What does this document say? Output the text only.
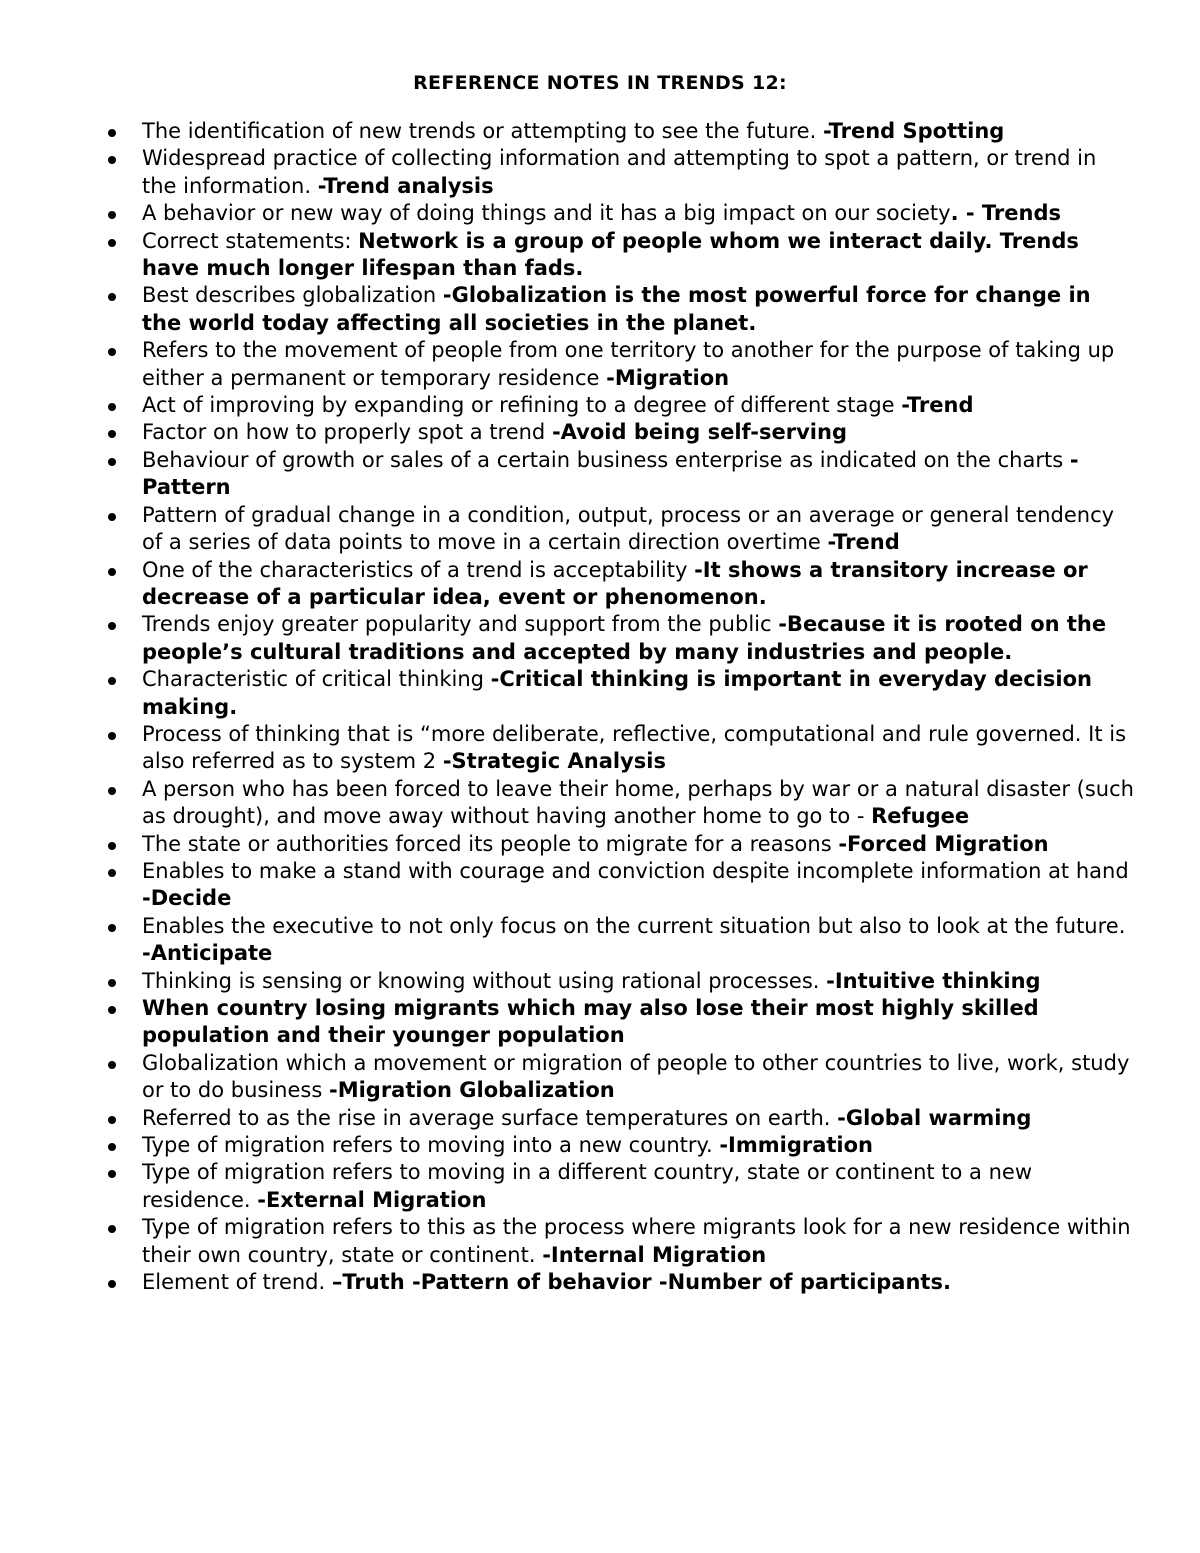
REFERENCE NOTES IN TRENDS 12:
The identification of new trends or attempting to see the future. -Trend Spotting
Widespread practice of collecting information and attempting to spot a pattern, or trend in the information. -Trend analysis
A behavior or new way of doing things and it has a big impact on our society. - Trends
Correct statements: Network is a group of people whom we interact daily. Trends have much longer lifespan than fads.
Best describes globalization -Globalization is the most powerful force for change in the world today affecting all societies in the planet.
Refers to the movement of people from one territory to another for the purpose of taking up either a permanent or temporary residence -Migration
Act of improving by expanding or refining to a degree of different stage -Trend
Factor on how to properly spot a trend -Avoid being self-serving
Behaviour of growth or sales of a certain business enterprise as indicated on the charts -Pattern
Pattern of gradual change in a condition, output, process or an average or general tendency of a series of data points to move in a certain direction overtime -Trend
One of the characteristics of a trend is acceptability -It shows a transitory increase or decrease of a particular idea, event or phenomenon.
Trends enjoy greater popularity and support from the public -Because it is rooted on the people’s cultural traditions and accepted by many industries and people.
Characteristic of critical thinking -Critical thinking is important in everyday decision making.
Process of thinking that is “more deliberate, reflective, computational and rule governed. It is also referred as to system 2 -Strategic Analysis
A person who has been forced to leave their home, perhaps by war or a natural disaster (such as drought), and move away without having another home to go to - Refugee
The state or authorities forced its people to migrate for a reasons -Forced Migration
Enables to make a stand with courage and conviction despite incomplete information at hand -Decide
Enables the executive to not only focus on the current situation but also to look at the future. -Anticipate
Thinking is sensing or knowing without using rational processes. -Intuitive thinking
When country losing migrants which may also lose their most highly skilled population and their younger population
Globalization which a movement or migration of people to other countries to live, work, study or to do business -Migration Globalization
Referred to as the rise in average surface temperatures on earth. -Global warming
Type of migration refers to moving into a new country. -Immigration
Type of migration refers to moving in a different country, state or continent to a new residence. -External Migration
Type of migration refers to this as the process where migrants look for a new residence within their own country, state or continent. -Internal Migration
Element of trend. –Truth -Pattern of behavior -Number of participants.
